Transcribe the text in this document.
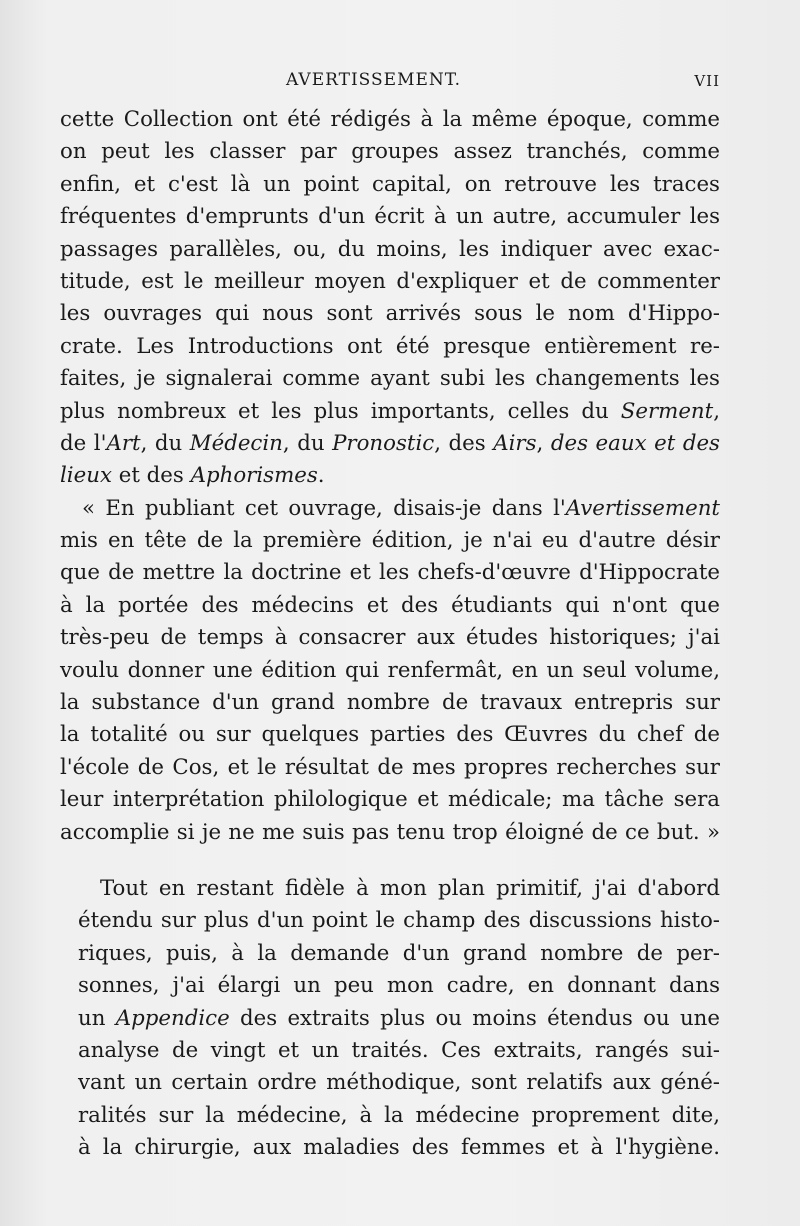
AVERTISSEMENT.	VII
cette Collection ont été rédigés à la même époque, comme
on peut les classer par groupes assez tranchés, comme
enfin, et c'est là un point capital, on retrouve les traces
fréquentes d'emprunts d'un écrit à un autre, accumuler les
passages parallèles, ou, du moins, les indiquer avec exac-
titude, est le meilleur moyen d'expliquer et de commenter
les ouvrages qui nous sont arrivés sous le nom d'Hippo-
crate. Les Introductions ont été presque entièrement re-
faites, je signalerai comme ayant subi les changements les
plus nombreux et les plus importants, celles du Serment,
de l'Art, du Médecin, du Pronostic, des Airs, des eaux et des
lieux et des Aphorismes.
« En publiant cet ouvrage, disais-je dans l'Avertissement
mis en tête de la première édition, je n'ai eu d'autre désir
que de mettre la doctrine et les chefs-d'œuvre d'Hippocrate
à la portée des médecins et des étudiants qui n'ont que
très-peu de temps à consacrer aux études historiques; j'ai
voulu donner une édition qui renfermât, en un seul volume,
la substance d'un grand nombre de travaux entrepris sur
la totalité ou sur quelques parties des Œuvres du chef de
l'école de Cos, et le résultat de mes propres recherches sur
leur interprétation philologique et médicale; ma tâche sera
accomplie si je ne me suis pas tenu trop éloigné de ce but. »
Tout en restant fidèle à mon plan primitif, j'ai d'abord
étendu sur plus d'un point le champ des discussions histo-
riques, puis, à la demande d'un grand nombre de per-
sonnes, j'ai élargi un peu mon cadre, en donnant dans
un Appendice des extraits plus ou moins étendus ou une
analyse de vingt et un traités. Ces extraits, rangés sui-
vant un certain ordre méthodique, sont relatifs aux géné-
ralités sur la médecine, à la médecine proprement dite,
à la chirurgie, aux maladies des femmes et à l'hygiène.
